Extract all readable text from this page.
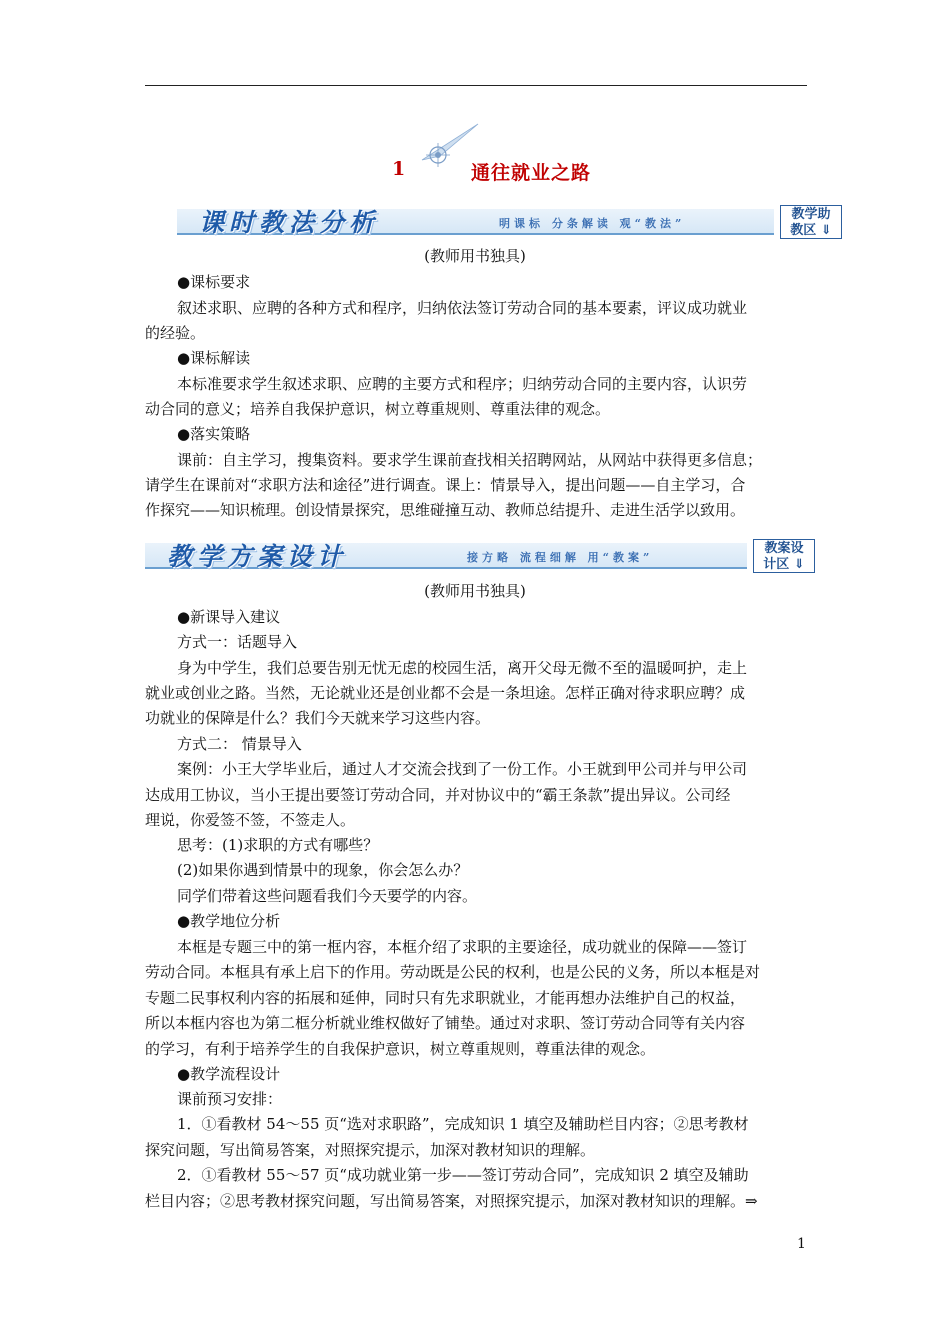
1	通往就业之路
课时教法分析	明课标 分条解读 观“教法”
教学助
教区 ⇓
教学方案设计	接方略 流程细解 用“教案”
教案设
计区 ⇓
(教师用书独具)
●课标要求
叙述求职、应聘的各种方式和程序，归纳依法签订劳动合同的基本要素，评议成功就业
的经验。
●课标解读
本标准要求学生叙述求职、应聘的主要方式和程序；归纳劳动合同的主要内容，认识劳
动合同的意义；培养自我保护意识，树立尊重规则、尊重法律的观念。
●落实策略
课前：自主学习，搜集资料。要求学生课前查找相关招聘网站，从网站中获得更多信息；
请学生在课前对“求职方法和途径”进行调查。课上：情景导入，提出问题——自主学习，合
作探究——知识梳理。创设情景探究，思维碰撞互动、教师总结提升、走进生活学以致用。
(教师用书独具)
●新课导入建议
方式一：话题导入
身为中学生，我们总要告别无忧无虑的校园生活，离开父母无微不至的温暖呵护，走上
就业或创业之路。当然，无论就业还是创业都不会是一条坦途。怎样正确对待求职应聘？成
功就业的保障是什么？我们今天就来学习这些内容。
方式二： 情景导入
案例：小王大学毕业后，通过人才交流会找到了一份工作。小王就到甲公司并与甲公司
达成用工协议，当小王提出要签订劳动合同，并对协议中的“霸王条款”提出异议。公司经
理说，你爱签不签，不签走人。
思考：(1)求职的方式有哪些？
(2)如果你遇到情景中的现象，你会怎么办？
同学们带着这些问题看我们今天要学的内容。
●教学地位分析
本框是专题三中的第一框内容，本框介绍了求职的主要途径，成功就业的保障——签订
劳动合同。本框具有承上启下的作用。劳动既是公民的权利，也是公民的义务，所以本框是对
专题二民事权利内容的拓展和延伸，同时只有先求职就业，才能再想办法维护自己的权益，
所以本框内容也为第二框分析就业维权做好了铺垫。通过对求职、签订劳动合同等有关内容
的学习，有利于培养学生的自我保护意识，树立尊重规则，尊重法律的观念。
●教学流程设计
课前预习安排：
1．①看教材 54～55 页“选对求职路”，完成知识 1 填空及辅助栏目内容；②思考教材
探究问题，写出简易答案，对照探究提示，加深对教材知识的理解。
2．①看教材 55～57 页“成功就业第一步——签订劳动合同”，完成知识 2 填空及辅助
栏目内容；②思考教材探究问题，写出简易答案，对照探究提示，加深对教材知识的理解。⇒
1
